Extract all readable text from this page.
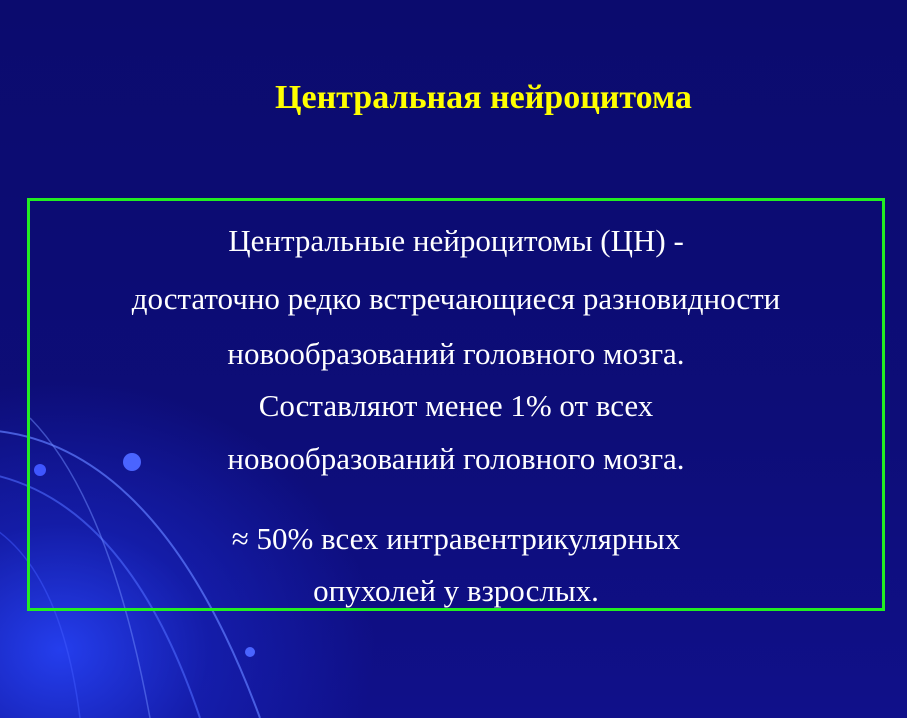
Центральная нейроцитома
Центральные нейроцитомы (ЦН) -
достаточно редко встречающиеся разновидности
новообразований головного мозга.
Составляют менее 1% от всех
новообразований головного мозга.
≈ 50% всех интравентрикулярных
опухолей у взрослых.
